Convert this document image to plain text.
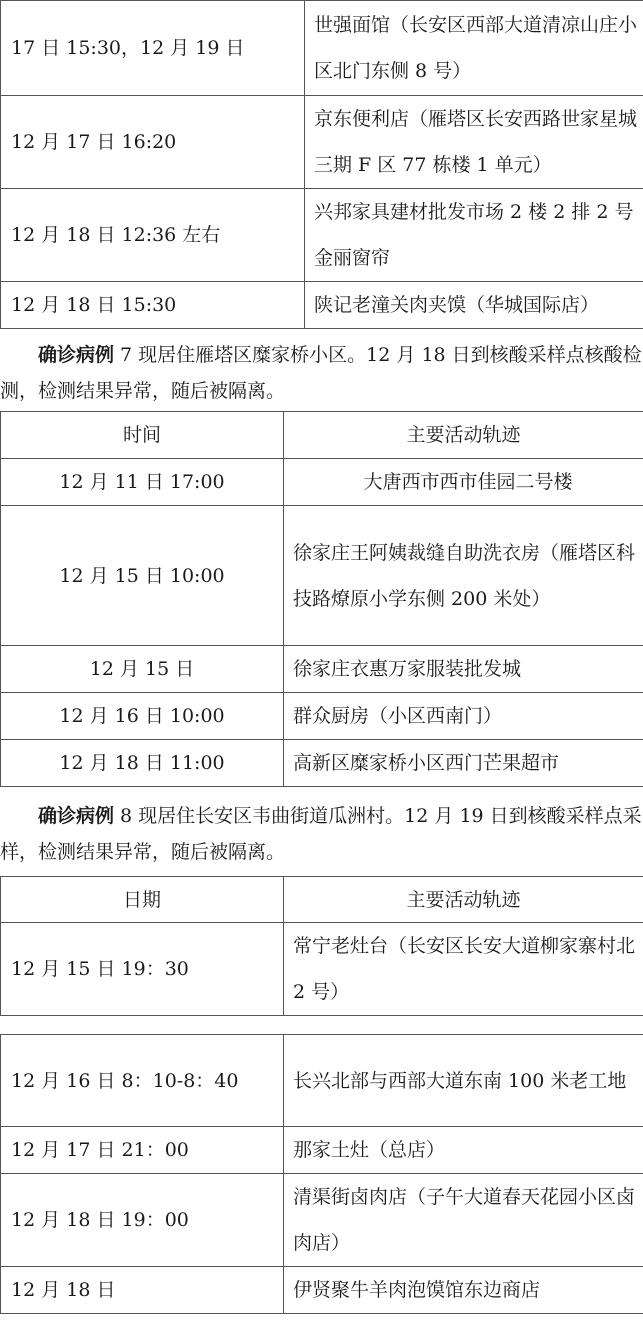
17 日 15:30，12 月 19 日	世强面馆（长安区西部大道清凉山庄小区北门东侧 8 号）
12 月 17 日 16:20	京东便利店（雁塔区长安西路世家星城三期 F 区 77 栋楼 1 单元）
12 月 18 日 12:36 左右	兴邦家具建材批发市场 2 楼 2 排 2 号金丽窗帘
12 月 18 日 15:30	陕记老潼关肉夹馍（华城国际店）

确诊病例 7 现居住雁塔区糜家桥小区。12 月 18 日到核酸采样点核酸检测，检测结果异常，随后被隔离。

时间	主要活动轨迹
12 月 11 日 17:00	大唐西市西市佳园二号楼
12 月 15 日 10:00	徐家庄王阿姨裁缝自助洗衣房（雁塔区科技路燎原小学东侧 200 米处）
12 月 15 日	徐家庄衣惠万家服装批发城
12 月 16 日 10:00	群众厨房（小区西南门）
12 月 18 日 11:00	高新区糜家桥小区西门芒果超市

确诊病例 8 现居住长安区韦曲街道瓜洲村。12 月 19 日到核酸采样点采样，检测结果异常，随后被隔离。

日期	主要活动轨迹
12 月 15 日 19：30	常宁老灶台（长安区长安大道柳家寨村北 2 号）
12 月 16 日 8：10-8：40	长兴北部与西部大道东南 100 米老工地
12 月 17 日 21：00	那家土灶（总店）
12 月 18 日 19：00	清渠街卤肉店（子午大道春天花园小区卤肉店）
12 月 18 日	伊贤聚牛羊肉泡馍馆东边商店
